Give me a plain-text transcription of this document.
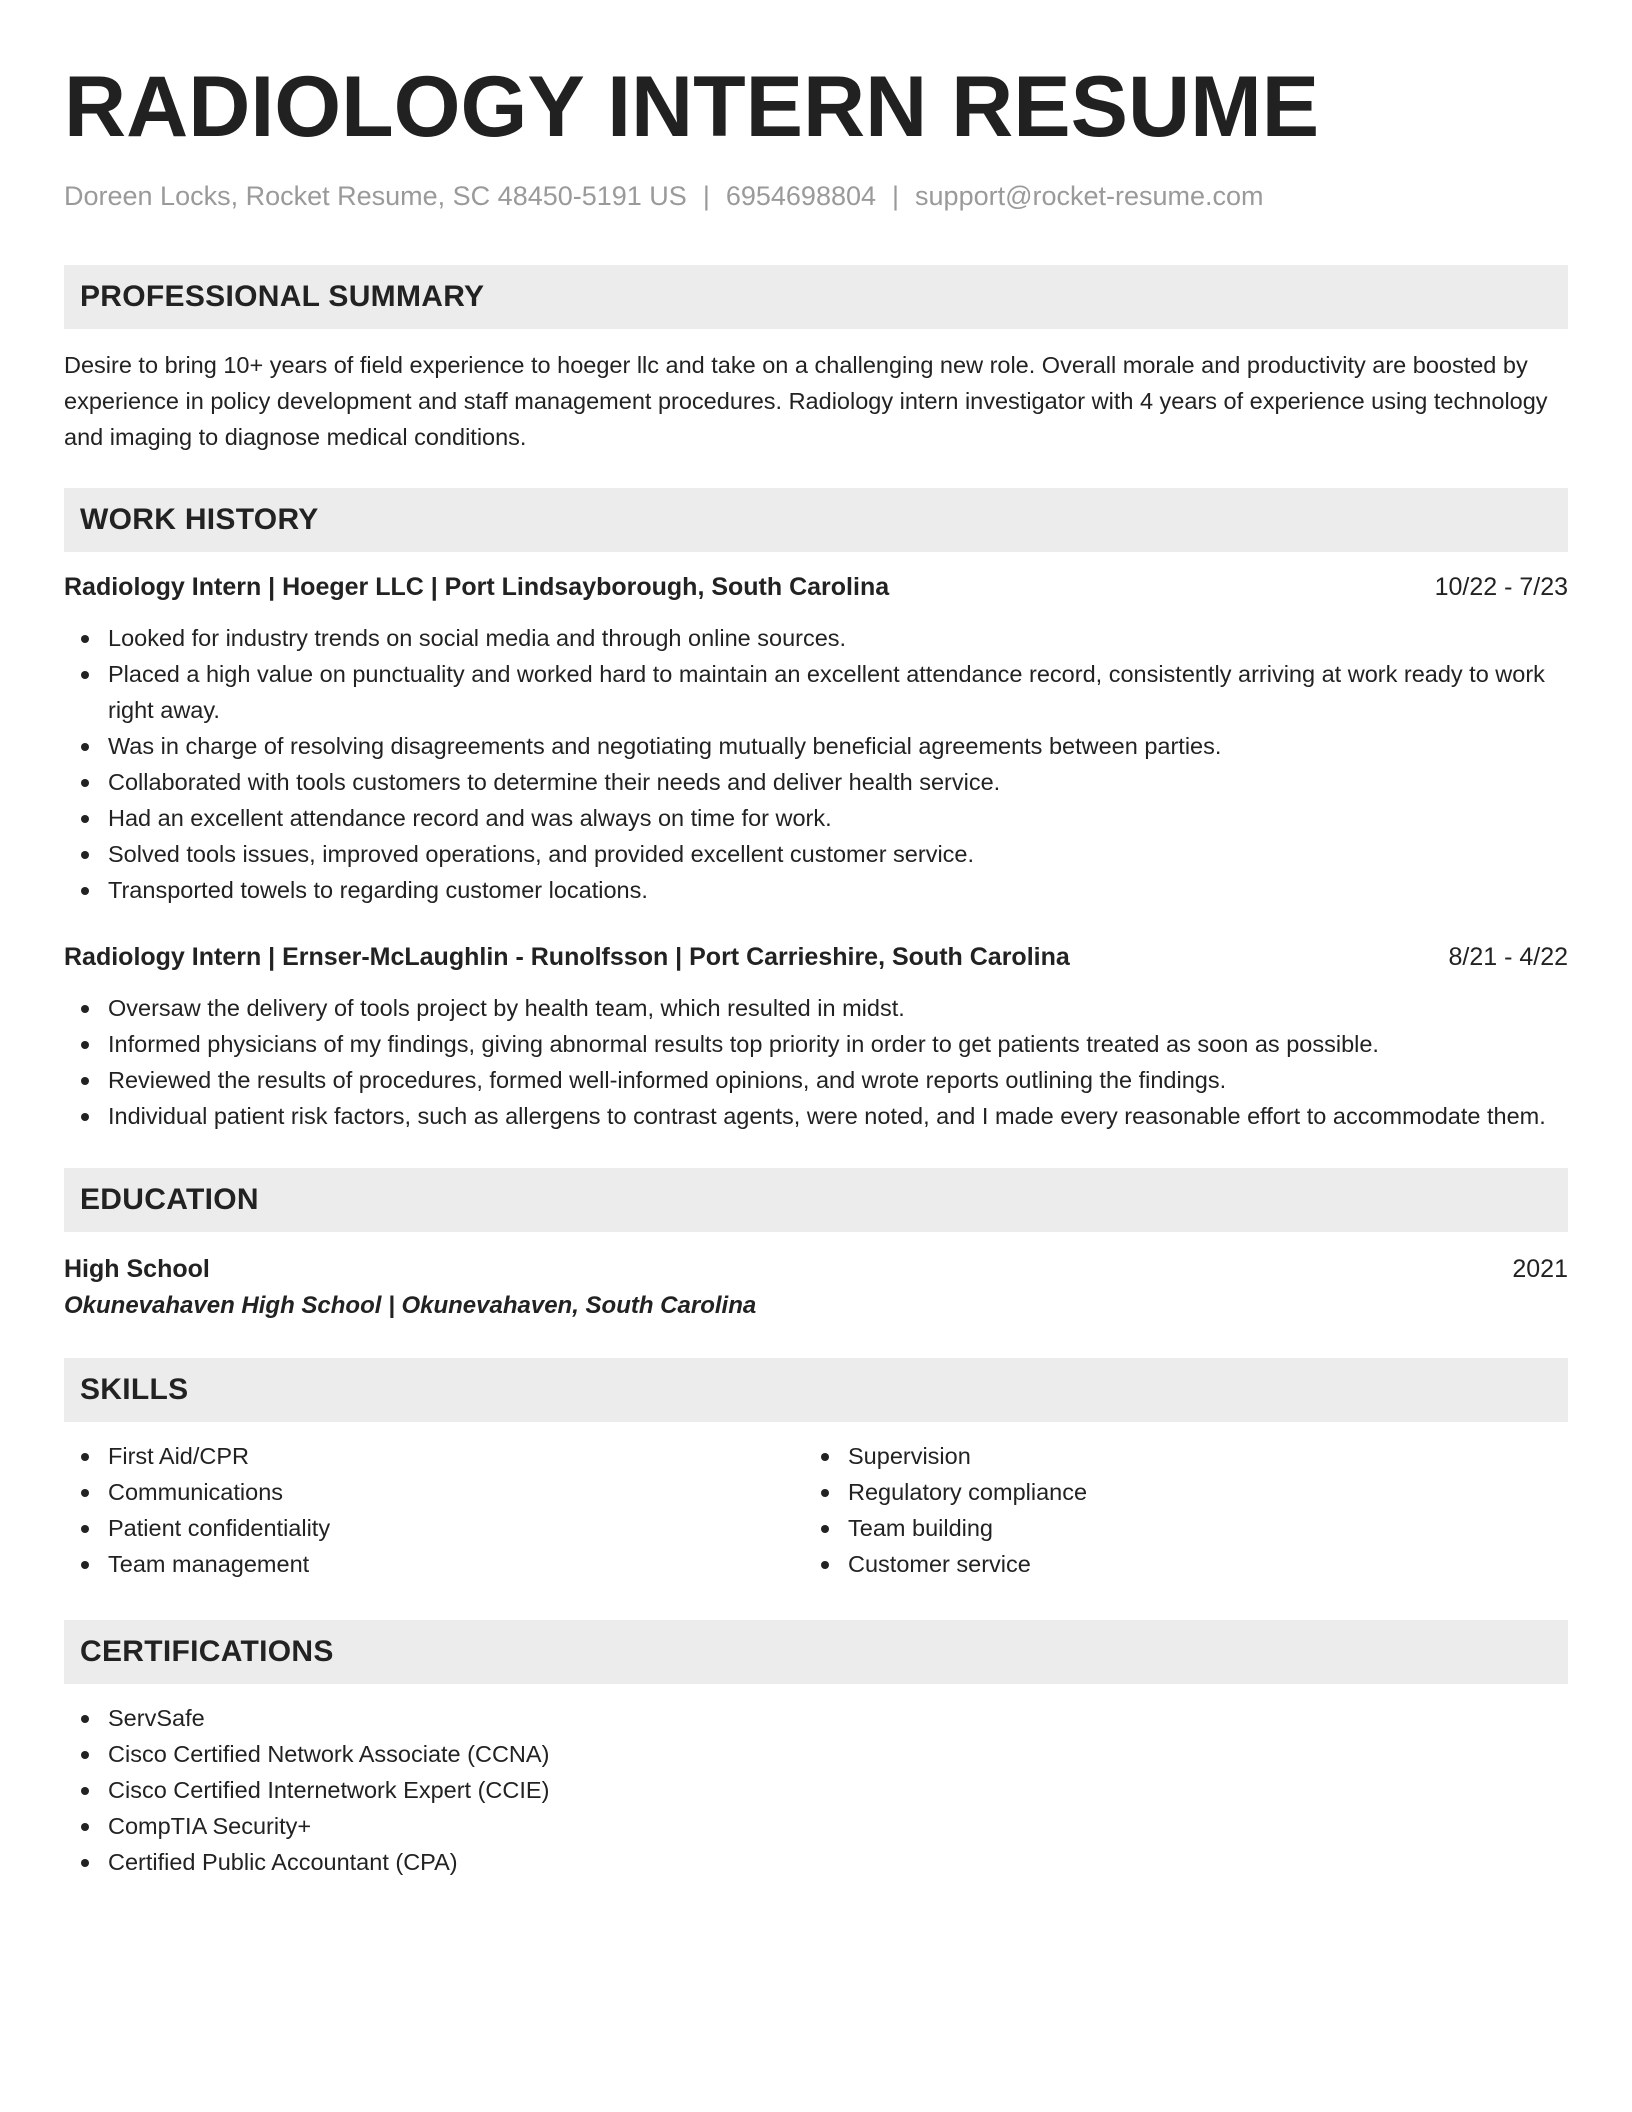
RADIOLOGY INTERN RESUME
Doreen Locks, Rocket Resume, SC 48450-5191 US | 6954698804 | support@rocket-resume.com
PROFESSIONAL SUMMARY

Desire to bring 10+ years of field experience to hoeger llc and take on a challenging new role. Overall morale and productivity are boosted by experience in policy development and staff management procedures. Radiology intern investigator with 4 years of experience using technology and imaging to diagnose medical conditions.

WORK HISTORY
Radiology Intern | Hoeger LLC | Port Lindsayborough, South Carolina	10/22 - 7/23
Looked for industry trends on social media and through online sources.
Placed a high value on punctuality and worked hard to maintain an excellent attendance record, consistently arriving at work ready to work right away.
Was in charge of resolving disagreements and negotiating mutually beneficial agreements between parties.
Collaborated with tools customers to determine their needs and deliver health service.
Had an excellent attendance record and was always on time for work.
Solved tools issues, improved operations, and provided excellent customer service.
Transported towels to regarding customer locations.
Radiology Intern | Ernser-McLaughlin - Runolfsson | Port Carrieshire, South Carolina	8/21 - 4/22
Oversaw the delivery of tools project by health team, which resulted in midst.
Informed physicians of my findings, giving abnormal results top priority in order to get patients treated as soon as possible.
Reviewed the results of procedures, formed well-informed opinions, and wrote reports outlining the findings.
Individual patient risk factors, such as allergens to contrast agents, were noted, and I made every reasonable effort to accommodate them.
EDUCATION
High School	2021
Okunevahaven High School | Okunevahaven, South Carolina
SKILLS
First Aid/CPR
Communications
Patient confidentiality
Team management
Supervision
Regulatory compliance
Team building
Customer service
CERTIFICATIONS
ServSafe
Cisco Certified Network Associate (CCNA)
Cisco Certified Internetwork Expert (CCIE)
CompTIA Security+
Certified Public Accountant (CPA)
